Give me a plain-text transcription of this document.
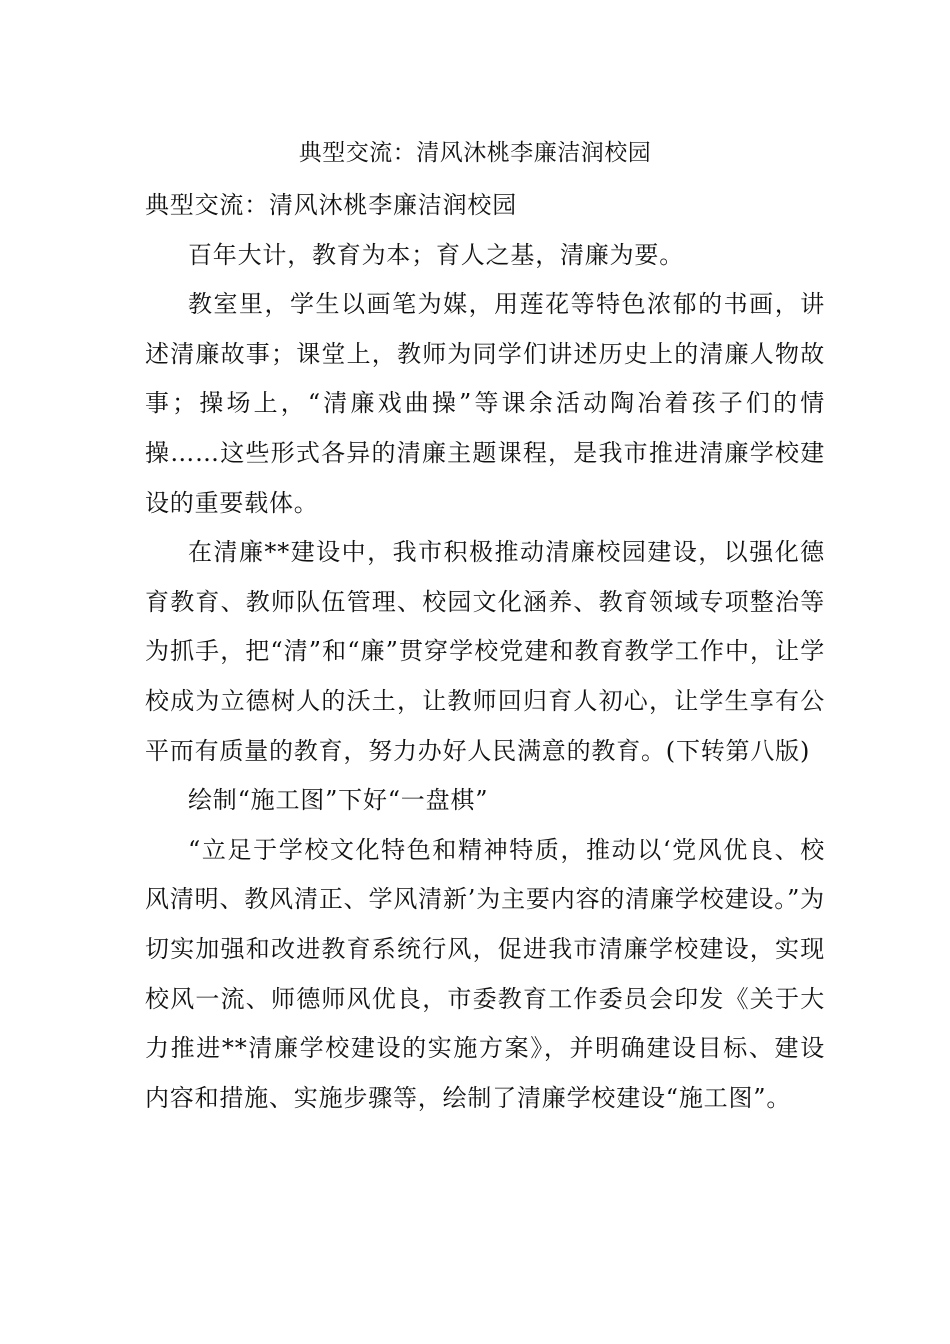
典型交流：清风沐桃李廉洁润校园

典型交流：清风沐桃李廉洁润校园

百年大计，教育为本；育人之基，清廉为要。

教室里，学生以画笔为媒，用莲花等特色浓郁的书画，讲述清廉故事；课堂上，教师为同学们讲述历史上的清廉人物故事；操场上，“清廉戏曲操”等课余活动陶冶着孩子们的情操……这些形式各异的清廉主题课程，是我市推进清廉学校建设的重要载体。

在清廉**建设中，我市积极推动清廉校园建设，以强化德育教育、教师队伍管理、校园文化涵养、教育领域专项整治等为抓手，把“清”和“廉”贯穿学校党建和教育教学工作中，让学校成为立德树人的沃土，让教师回归育人初心，让学生享有公平而有质量的教育，努力办好人民满意的教育。(下转第八版)

绘制“施工图”下好“一盘棋”

“立足于学校文化特色和精神特质，推动以‘党风优良、校风清明、教风清正、学风清新’为主要内容的清廉学校建设。”为切实加强和改进教育系统行风，促进我市清廉学校建设，实现校风一流、师德师风优良，市委教育工作委员会印发《关于大力推进**清廉学校建设的实施方案》，并明确建设目标、建设内容和措施、实施步骤等，绘制了清廉学校建设“施工图”。
